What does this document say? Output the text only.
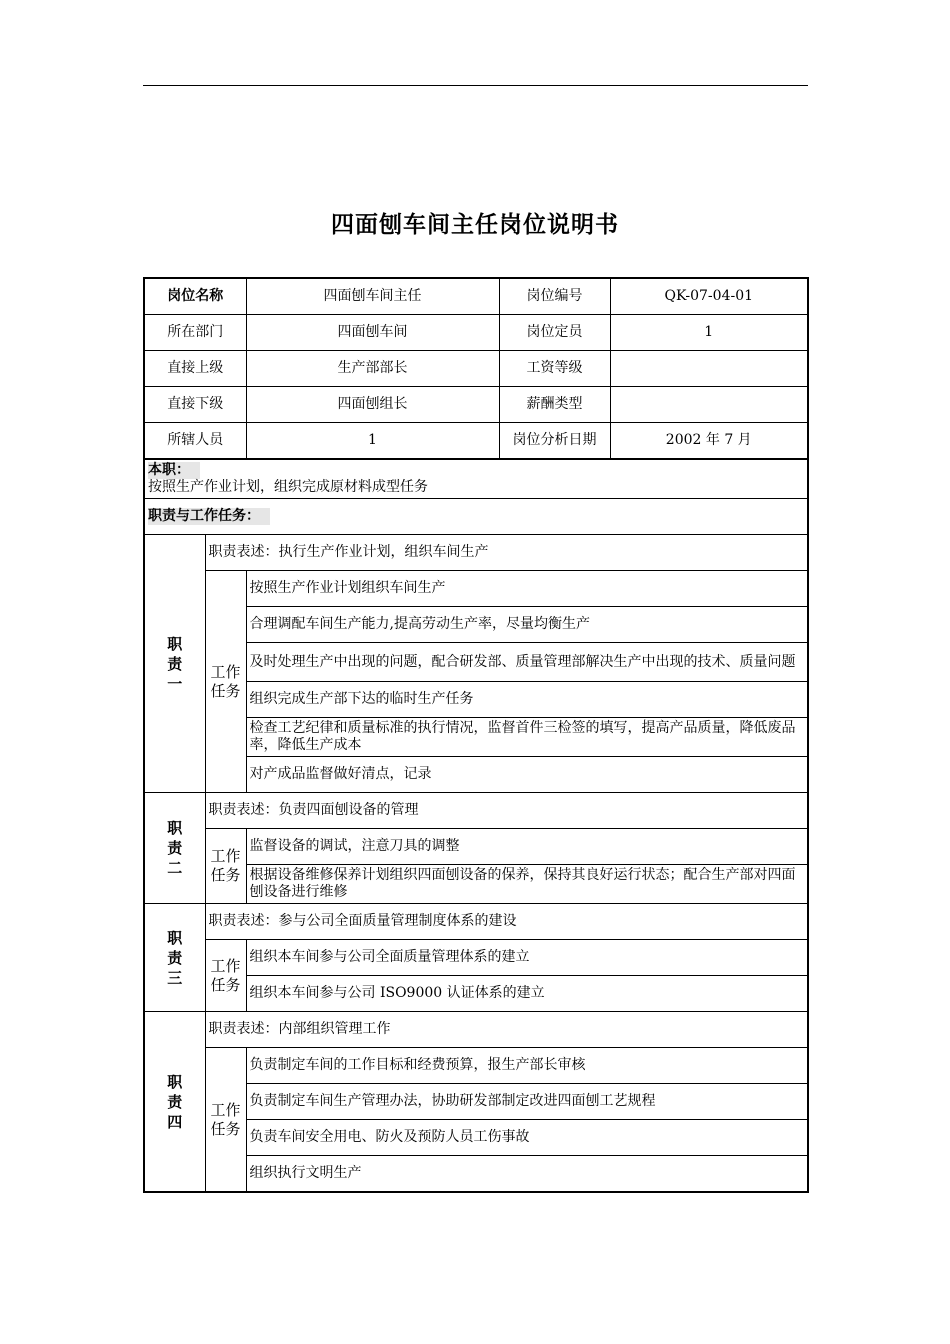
四面刨车间主任岗位说明书
岗位名称		四面刨车间主任	岗位编号	QK-07-04-01
所在部门		四面刨车间	岗位定员	1
直接上级		生产部部长	工资等级	
直接下级		四面刨组长	薪酬类型	
所辖人员		1	岗位分析日期	2002 年 7 月
本职：
按照生产作业计划，组织完成原材料成型任务				
职责与工作任务：				
职责一	职责表述：执行生产作业计划，组织车间生产			
	工作任务	按照生产作业计划组织车间生产		
		合理调配车间生产能力,提高劳动生产率，尽量均衡生产		
		及时处理生产中出现的问题，配合研发部、质量管理部解决生产中出现的技术、质量问题		
		组织完成生产部下达的临时生产任务		
		检查工艺纪律和质量标准的执行情况，监督首件三检签的填写，提高产品质量，降低废品率，降低生产成本		
		对产成品监督做好清点，记录		
职责二	职责表述：负责四面刨设备的管理			
	工作任务	监督设备的调试，注意刀具的调整		
		根据设备维修保养计划组织四面刨设备的保养，保持其良好运行状态；配合生产部对四面刨设备进行维修		
职责三	职责表述：参与公司全面质量管理制度体系的建设			
	工作任务	组织本车间参与公司全面质量管理体系的建立		
		组织本车间参与公司 ISO9000 认证体系的建立		
职责四	职责表述：内部组织管理工作			
	工作任务	负责制定车间的工作目标和经费预算，报生产部长审核		
		负责制定车间生产管理办法，协助研发部制定改进四面刨工艺规程		
		负责车间安全用电、防火及预防人员工伤事故		
		组织执行文明生产		
